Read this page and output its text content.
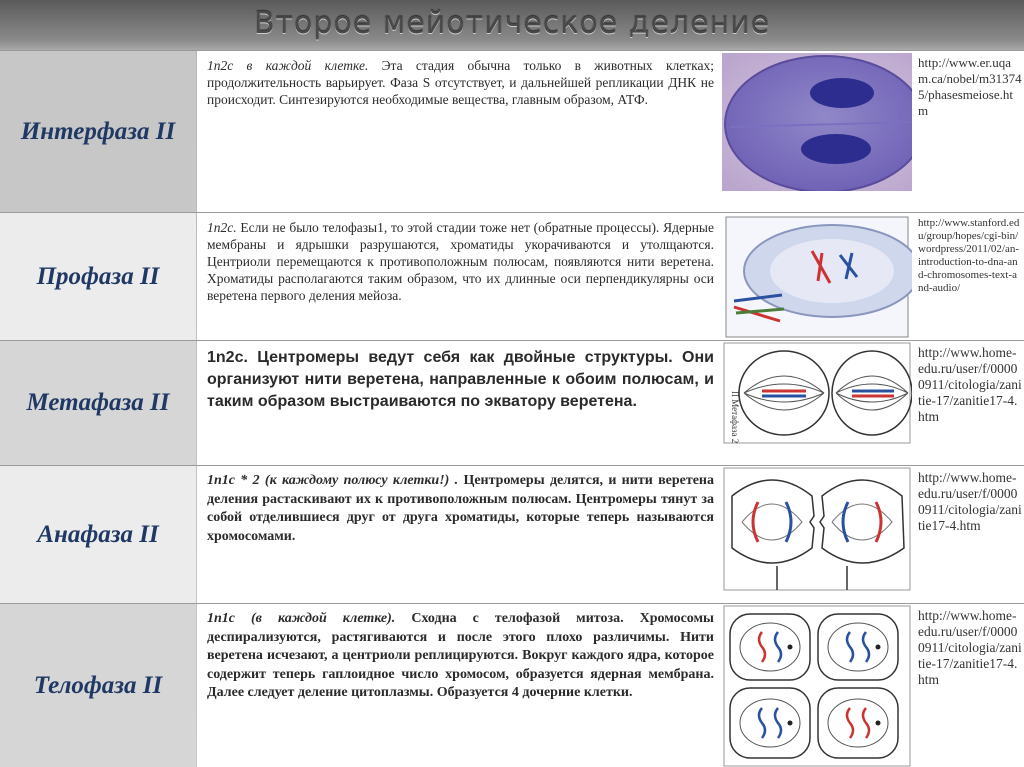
Второе мейотическое деление
Интерфаза II
1n2c в каждой клетке. Эта стадия обычна только в животных клетках; продолжительность варьирует. Фаза S отсутствует, и дальнейшей репликации ДНК не происходит. Синтезируются необходимые вещества, главным образом, АТФ.
http://www.er.uqam.ca/nobel/m313745/phasesmeiose.htm
Профаза II
1n2c. Если не было телофазы1, то этой стадии тоже нет (обратные процессы). Ядерные мембраны и ядрышки разрушаются, хроматиды укорачиваются и утолщаются. Центриоли перемещаются к противоположным полюсам, появляются нити веретена. Хроматиды располагаются таким образом, что их длинные оси перпендикулярны оси веретена первого деления мейоза.
http://www.stanford.edu/group/hopes/cgi-bin/wordpress/2011/02/an-introduction-to-dna-and-chromosomes-text-and-audio/
Метафаза II
1n2c. Центромеры ведут себя как двойные структуры. Они организуют нити веретена, направленные к обоим полюсам, и таким образом выстраиваются по экватору веретена.	II Метафаза 2
http://www.home-edu.ru/user/f/00000911/citologia/zanitie-17/zanitie17-4.htm
Анафаза II
1n1c * 2 (к каждому полюсу клетки!) . Центромеры делятся, и нити веретена деления растаскивают их к противоположным полюсам. Центромеры тянут за собой отделившиеся друг от друга хроматиды, которые теперь называются хромосомами.
http://www.home-edu.ru/user/f/00000911/citologia/zanitie17-4.htm
Телофаза II
1n1c (в каждой клетке). Сходна с телофазой митоза. Хромосомы деспирализуются, растягиваются и после этого плохо различимы. Нити веретена исчезают, а центриоли реплицируются. Вокруг каждого ядра, которое содержит теперь гаплоидное число хромосом, образуется ядерная мембрана. Далее следует деление цитоплазмы. Образуется 4 дочерние клетки.
http://www.home-edu.ru/user/f/00000911/citologia/zanitie-17/zanitie17-4.htm
